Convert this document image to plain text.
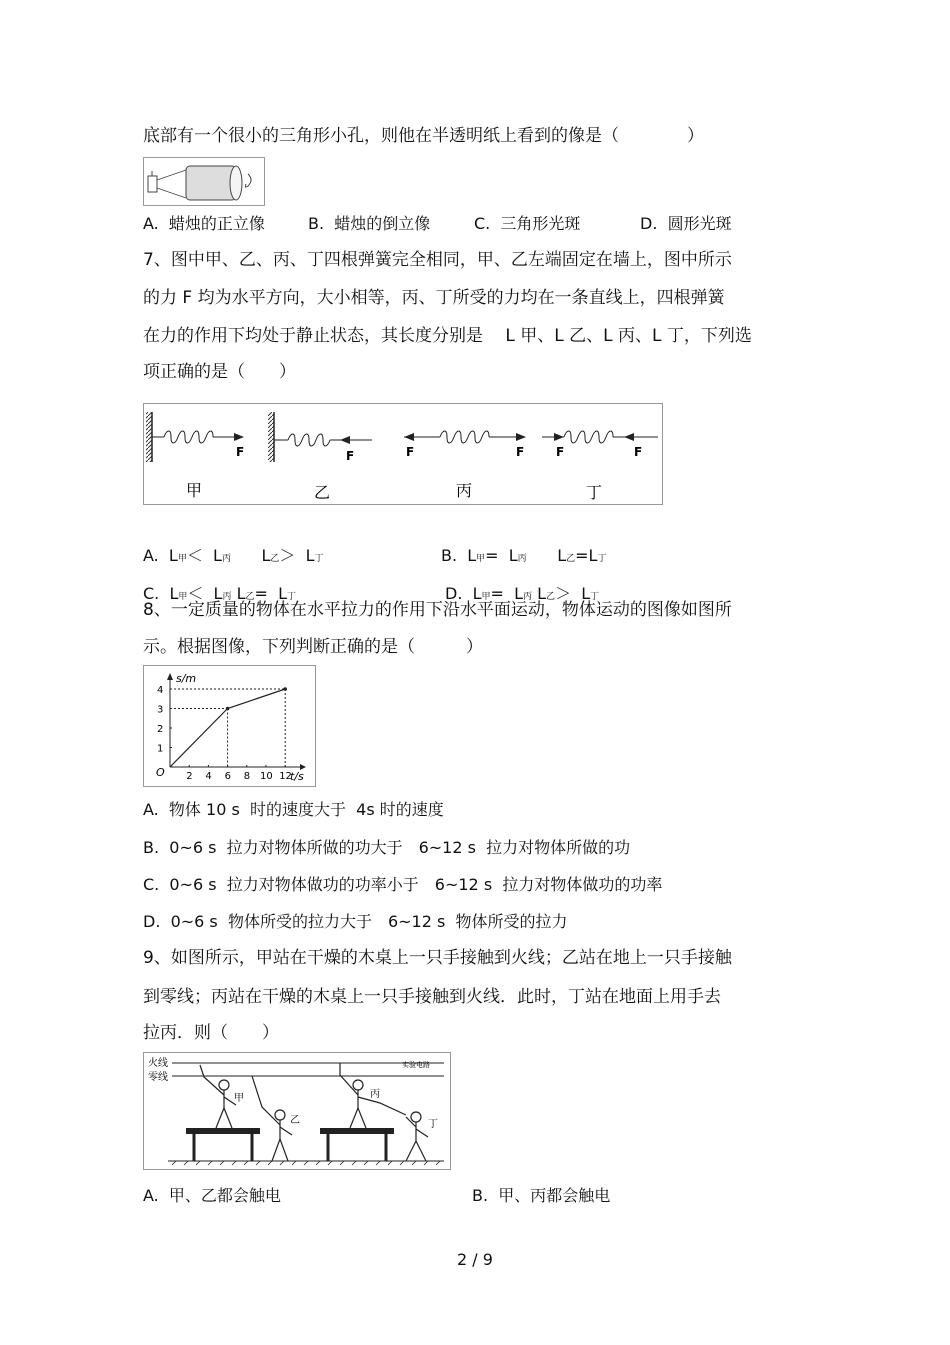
底部有一个很小的三角形小孔，则他在半透明纸上看到的像是（　　　　）
A.  蜡烛的正立像	B.  蜡烛的倒立像	C.  三角形光斑	D.  圆形光斑
7、图中甲、乙、丙、丁四根弹簧完全相同，甲、乙左端固定在墙上，图中所示
的力 F 均为水平方向，大小相等，丙、丁所受的力均在一条直线上，四根弹簧
在力的作用下均处于静止状态，其长度分别是　 L 甲、L 乙、L 丙、L 丁，下列选
项正确的是（　　）
F	F	F	F	F	F
甲	乙	丙	丁

A. L甲＜  L丙 L乙＞  L丁	B. L甲=  L丙 L乙=L丁

C. L甲＜  L丙 L乙=  L丁	D. L甲=  L丙 L乙＞  L丁

8、一定质量的物体在水平拉力的作用下沿水平面运动，物体运动的图像如图所
示。根据图像，下列判断正确的是（　　　）
s/m
t/s
O 2 4 6 8 10 12
1
2
3
4
A.  物体 10 s  时的速度大于  4s 时的速度
B.  0~6 s  拉力对物体所做的功大于　6~12 s  拉力对物体所做的功
C.  0~6 s  拉力对物体做功的功率小于　6~12 s  拉力对物体做功的功率
D.  0~6 s  物体所受的拉力大于　6~12 s  物体所受的拉力
9、如图所示，甲站在干燥的木桌上一只手接触到火线；乙站在地上一只手接触
到零线；丙站在干燥的木桌上一只手接触到火线．此时，丁站在地面上用手去
拉丙．则（　　）
火线
零线
实验电路
甲
乙
丙
丁
A.  甲、乙都会触电	B.  甲、丙都会触电
2 / 9
